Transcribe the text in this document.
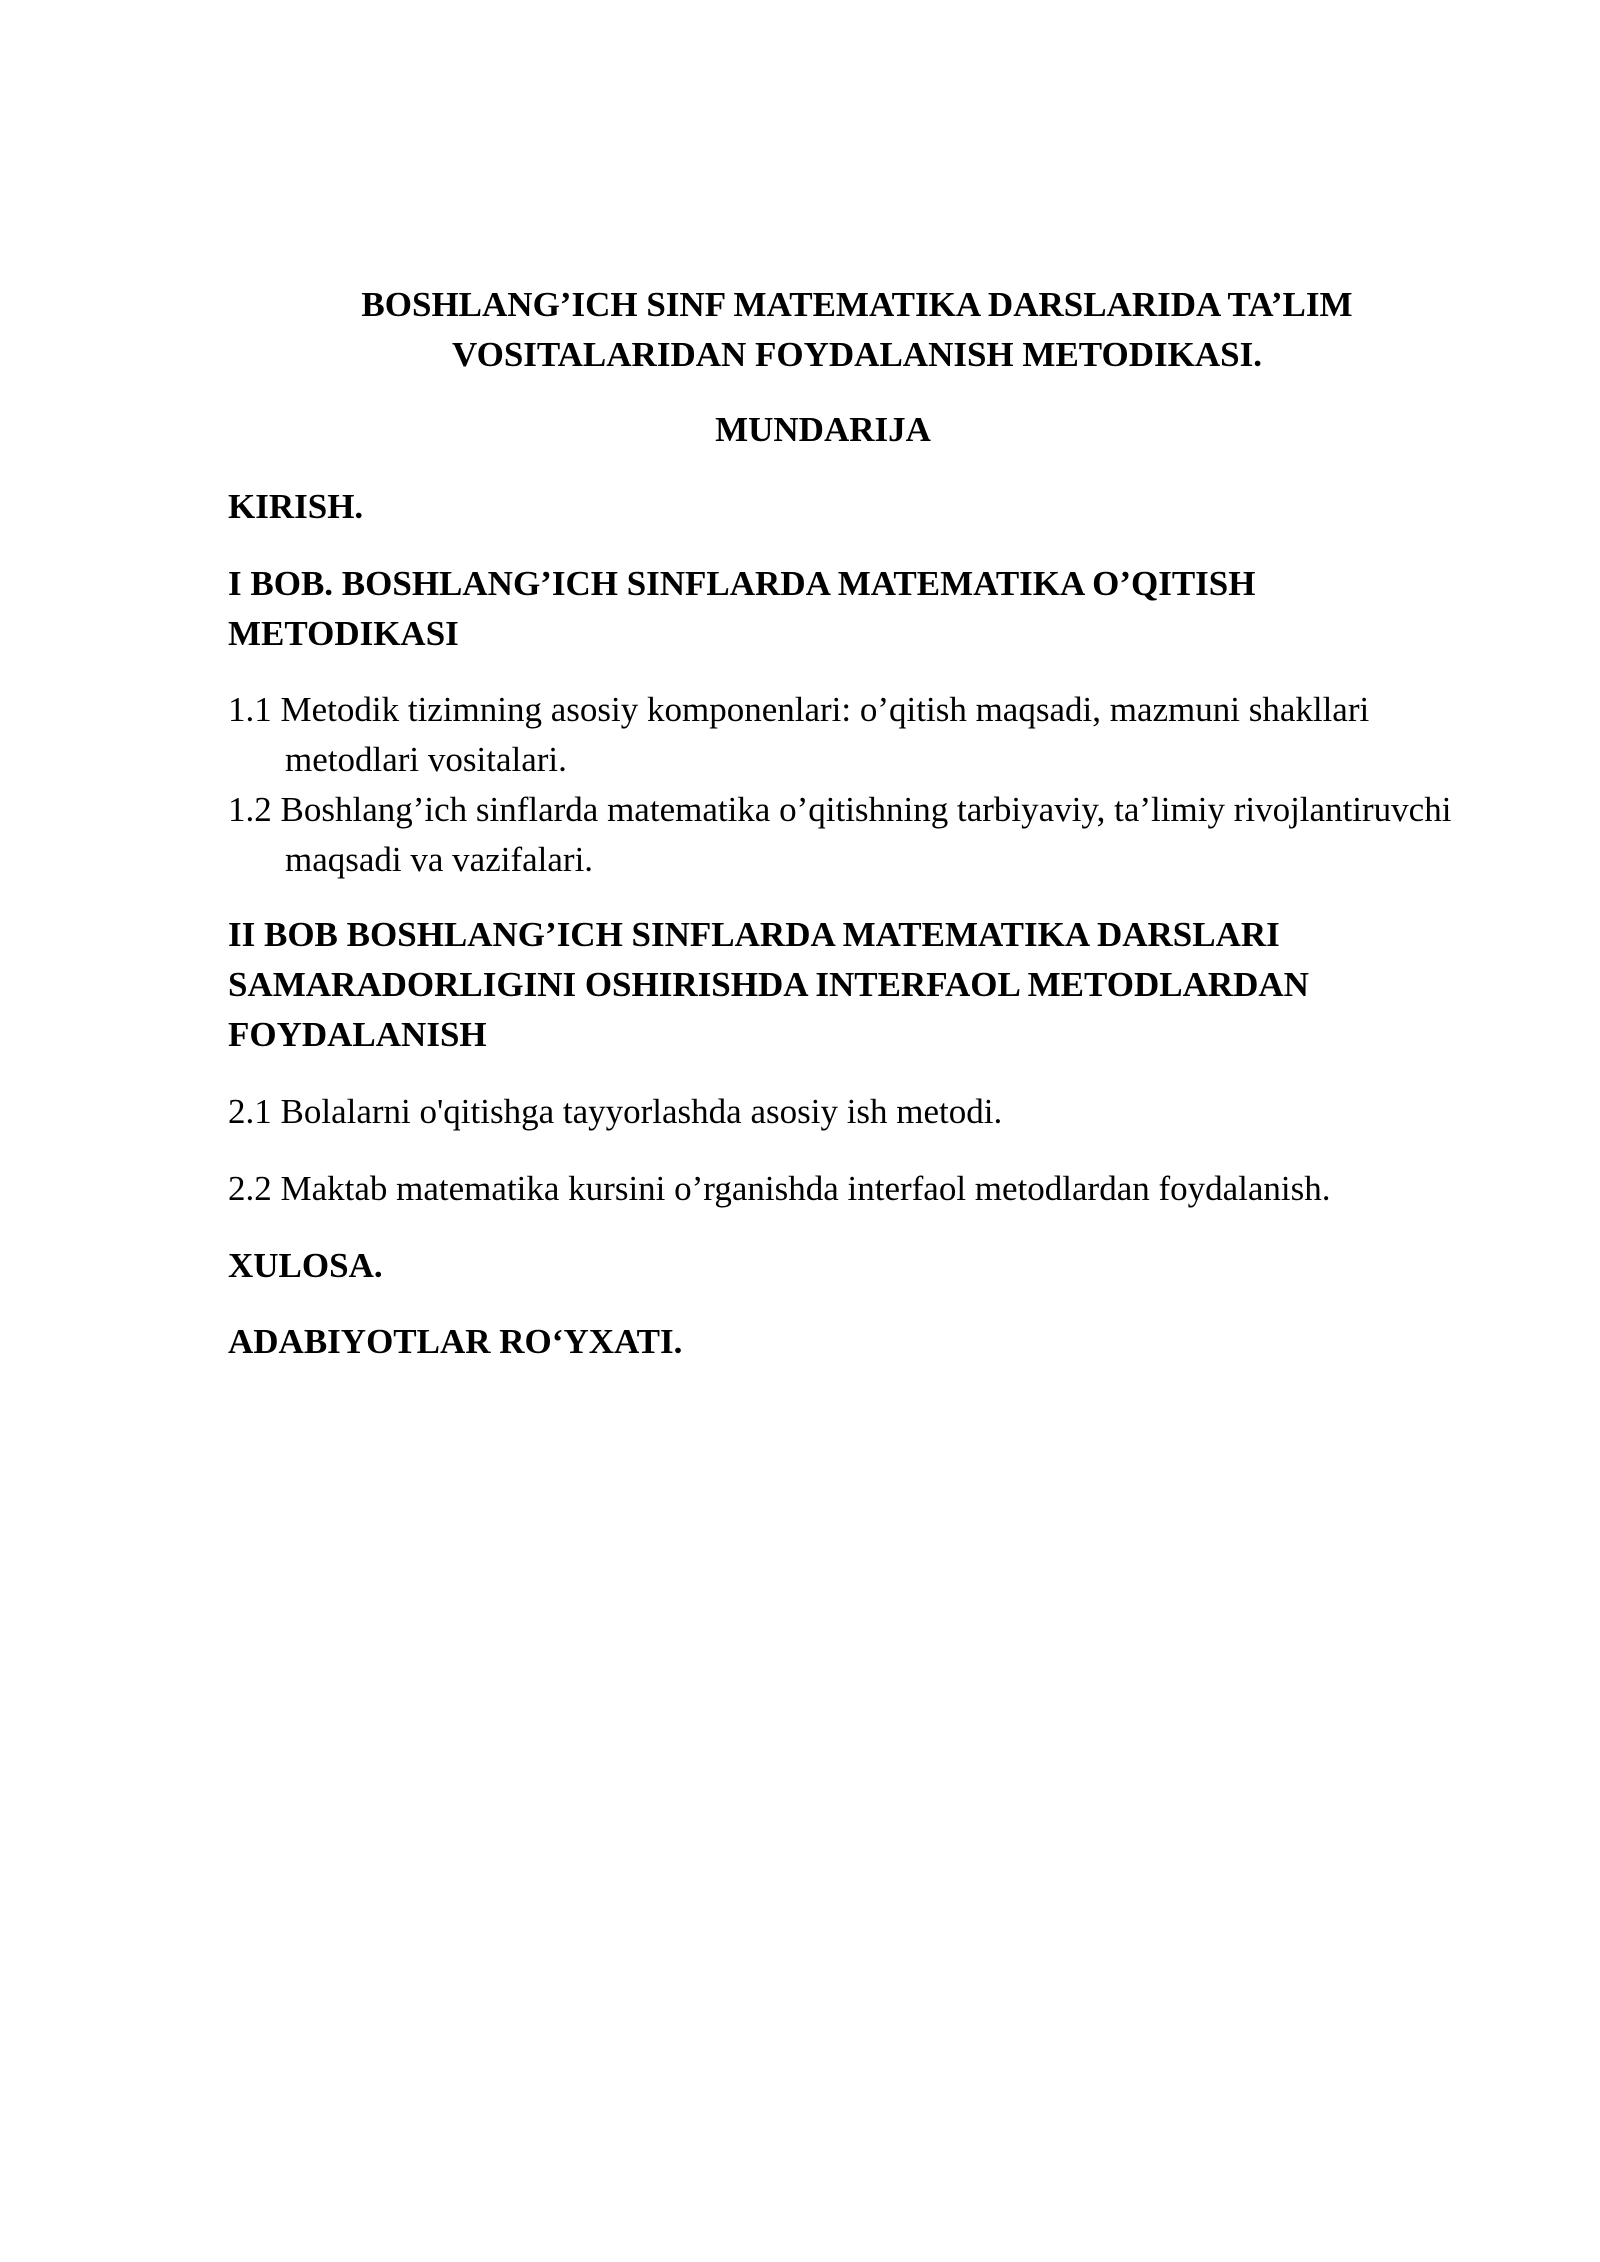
BOSHLANG’ICH SINF MATEMATIKA DARSLARIDA TA’LIM VOSITALARIDAN FOYDALANISH METODIKASI.

MUNDARIJA

KIRISH.

I BOB. BOSHLANG’ICH SINFLARDA MATEMATIKA O’QITISH METODIKASI

1.1 Metodik tizimning asosiy komponenlari: o’qitish maqsadi, mazmuni shakllari metodlari vositalari.

1.2 Boshlang’ich sinflarda matematika o’qitishning tarbiyaviy, ta’limiy rivojlantiruvchi maqsadi va vazifalari.

II BOB BOSHLANG’ICH SINFLARDA MATEMATIKA DARSLARI SAMARADORLIGINI OSHIRISHDA INTERFAOL METODLARDAN FOYDALANISH

2.1 Bolalarni o'qitishga tayyorlashda asosiy ish metodi.

2.2 Maktab matematika kursini o’rganishda interfaol metodlardan foydalanish.

XULOSA.

ADABIYOTLAR RO‘YXATI.
